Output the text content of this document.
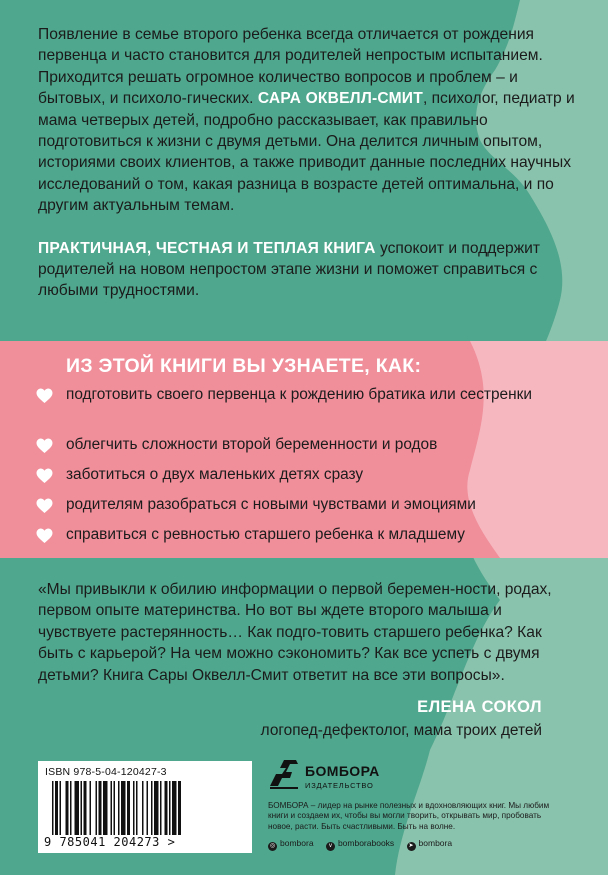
Появление в семье второго ребенка всегда отличается от рождения первенца и часто становится для родителей непростым испытанием. Приходится решать огромное количество вопросов и проблем – и бытовых, и психоло-гических. САРА ОКВЕЛЛ-СМИТ, психолог, педиатр и мама четверых детей, подробно рассказывает, как правильно подготовиться к жизни с двумя детьми. Она делится личным опытом, историями своих клиентов, а также приводит данные последних научных исследований о том, какая разница в возрасте детей оптимальна, и по другим актуальным темам.

ПРАКТИЧНАЯ, ЧЕСТНАЯ И ТЕПЛАЯ КНИГА успокоит и поддержит родителей на новом непростом этапе жизни и поможет справиться с любыми трудностями.

ИЗ ЭТОЙ КНИГИ ВЫ УЗНАЕТЕ, КАК:
подготовить своего первенца к рождению братика или сестренки
облегчить сложности второй беременности и родов
заботиться о двух маленьких детях сразу
родителям разобраться с новыми чувствами и эмоциями
справиться с ревностью старшего ребенка к младшему
«Мы привыкли к обилию информации о первой беремен-ности, родах, первом опыте материнства. Но вот вы ждете второго малыша и чувствуете растерянность… Как подго-товить старшего ребенка? Как быть с карьерой? На чем можно сэкономить? Как все успеть с двумя детьми? Книга Сары Оквелл-Смит ответит на все эти вопросы».
ЕЛЕНА СОКОЛ
логопед-дефектолог, мама троих детей
ISBN 978-5-04-120427-3
9 785041 204273 >
БОМБОРА
ИЗДАТЕЛЬСТВО
БОМБОРА – лидер на рынке полезных и вдохновляющих книг. Мы любим книги и создаем их, чтобы вы могли творить, открывать мир, пробовать новое, расти. Быть счастливыми. Быть на волне.
◎ bombora	v bomborabooks ➤ bombora
